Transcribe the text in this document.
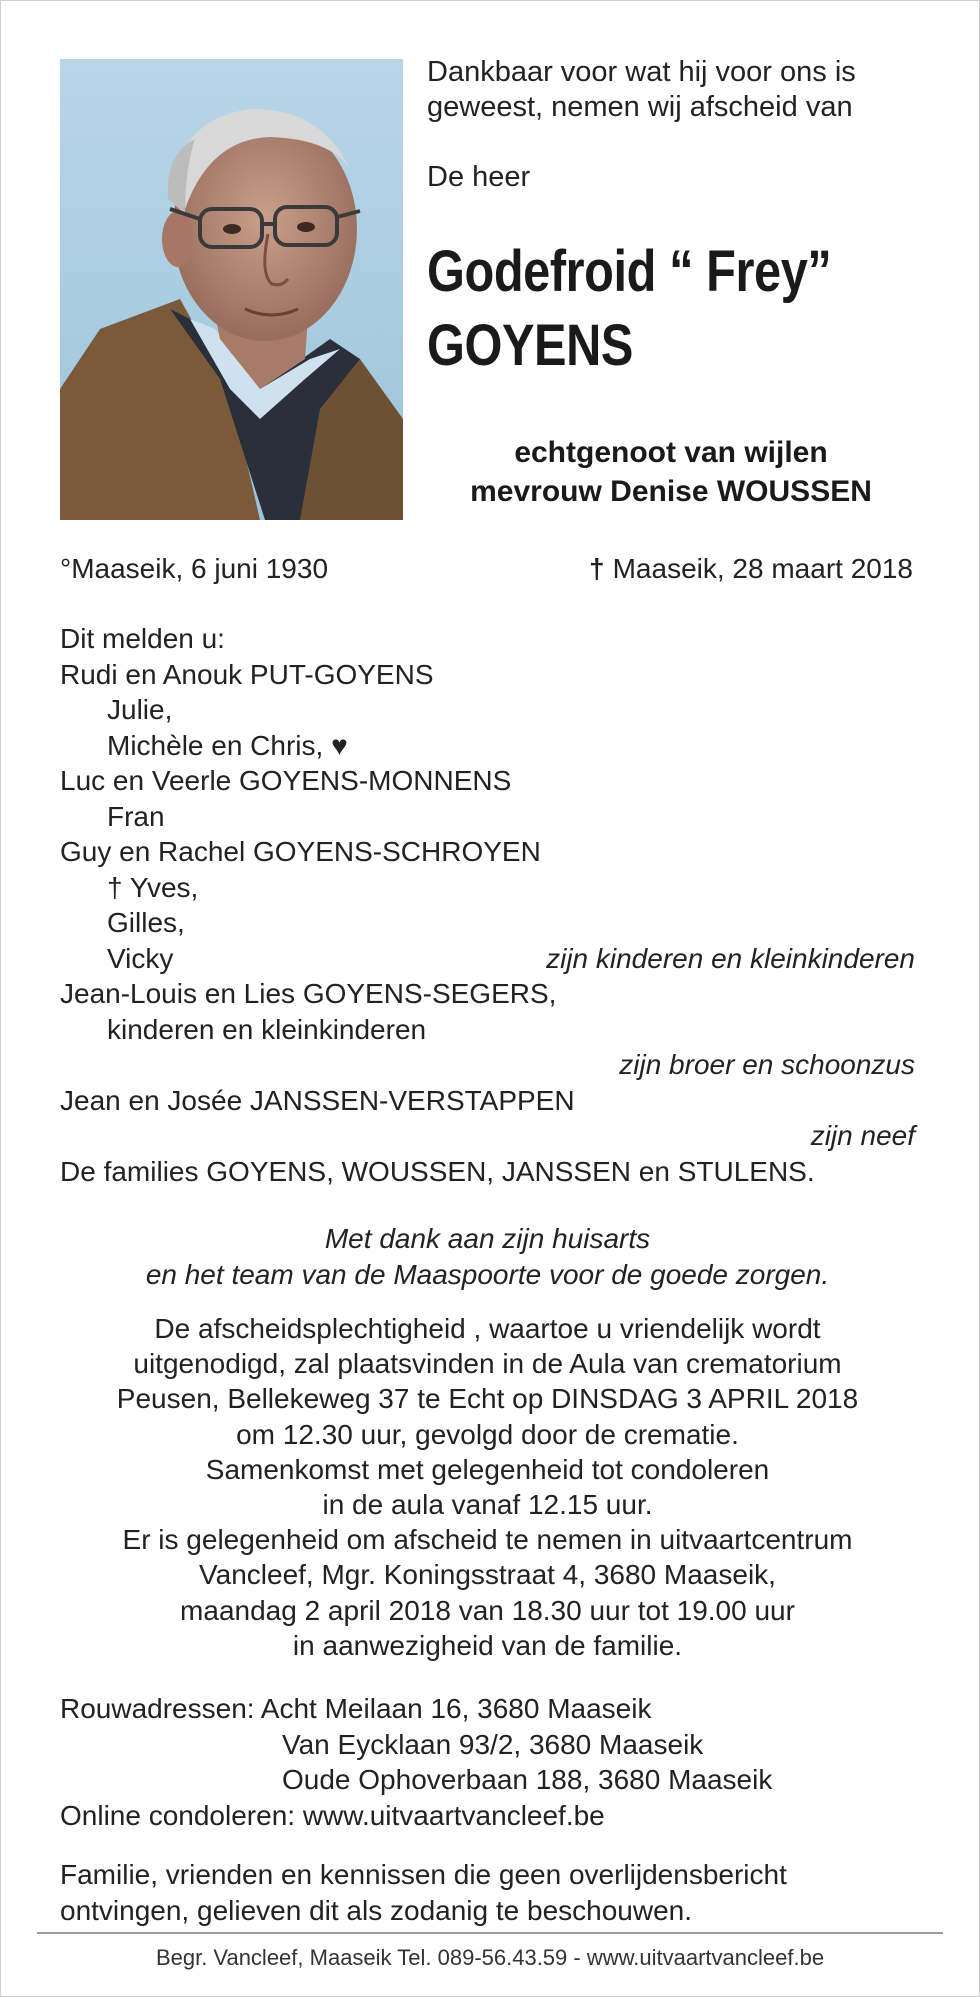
Dankbaar voor wat hij voor ons is
geweest, nemen wij afscheid van
De heer
Godefroid “ Frey”
GOYENS
echtgenoot van wijlen
mevrouw Denise WOUSSEN
°Maaseik, 6 juni 1930	† Maaseik, 28 maart 2018
Dit melden u:
Rudi en Anouk PUT-GOYENS
Julie,
Michèle en Chris, ♥
Luc en Veerle GOYENS-MONNENS
Fran
Guy en Rachel GOYENS-SCHROYEN
† Yves,
Gilles,
Vicky	zijn kinderen en kleinkinderen
Jean-Louis en Lies GOYENS-SEGERS,
kinderen en kleinkinderen
zijn broer en schoonzus
Jean en Josée JANSSEN-VERSTAPPEN
zijn neef
De families GOYENS, WOUSSEN, JANSSEN en STULENS.
Met dank aan zijn huisarts
en het team van de Maaspoorte voor de goede zorgen.
De afscheidsplechtigheid , waartoe u vriendelijk wordt
uitgenodigd, zal plaatsvinden in de Aula van crematorium
Peusen, Bellekeweg 37 te Echt op DINSDAG 3 APRIL 2018
om 12.30 uur, gevolgd door de crematie.
Samenkomst met gelegenheid tot condoleren
in de aula vanaf 12.15 uur.
Er is gelegenheid om afscheid te nemen in uitvaartcentrum
Vancleef, Mgr. Koningsstraat 4, 3680 Maaseik,
maandag 2 april 2018 van 18.30 uur tot 19.00 uur
in aanwezigheid van de familie.
Rouwadressen: Acht Meilaan 16, 3680 Maaseik
Van Eycklaan 93/2, 3680 Maaseik
Oude Ophoverbaan 188, 3680 Maaseik
Online condoleren: www.uitvaartvancleef.be
Familie, vrienden en kennissen die geen overlijdensbericht
ontvingen, gelieven dit als zodanig te beschouwen.
Begr. Vancleef, Maaseik Tel. 089-56.43.59 - www.uitvaartvancleef.be
